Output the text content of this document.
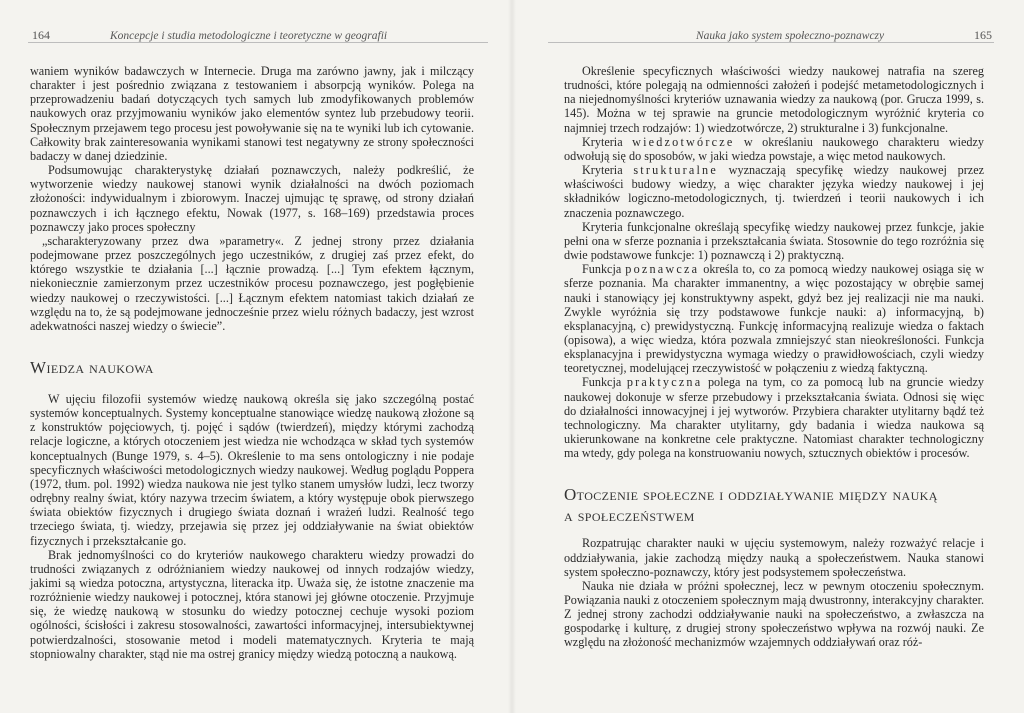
164	Koncepcje i studia metodologiczne i teoretyczne w geografii

waniem wyników badawczych w Internecie. Druga ma zarówno jawny, jak i milczący charakter i jest pośrednio związana z testowaniem i absorpcją wyników. Polega na przeprowadzeniu badań dotyczących tych samych lub zmodyfikowanych problemów naukowych oraz przyjmowaniu wyników jako elementów syntez lub przebudowy teorii. Społecznym przejawem tego procesu jest powoływanie się na te wyniki lub ich cytowanie. Całkowity brak zainteresowania wynikami stanowi test negatywny ze strony społeczności badaczy w danej dziedzinie.

Podsumowując charakterystykę działań poznawczych, należy podkreślić, że wytworzenie wiedzy naukowej stanowi wynik działalności na dwóch poziomach złożoności: indywidualnym i zbiorowym. Inaczej ujmując tę sprawę, od strony działań poznawczych i ich łącznego efektu, Nowak (1977, s. 168–169) przedstawia proces poznawczy jako proces społeczny

„scharakteryzowany przez dwa »parametry«. Z jednej strony przez działania podejmowane przez poszczególnych jego uczestników, z drugiej zaś przez efekt, do którego wszystkie te działania [...] łącznie prowadzą. [...] Tym efektem łącznym, niekoniecznie zamierzonym przez uczestników procesu poznawczego, jest pogłębienie wiedzy naukowej o rzeczywistości. [...] Łącznym efektem natomiast takich działań ze względu na to, że są podejmowane jednocześnie przez wielu różnych badaczy, jest wzrost adekwatności naszej wiedzy o świecie”.

Wiedza naukowa

W ujęciu filozofii systemów wiedzę naukową określa się jako szczególną postać systemów konceptualnych. Systemy konceptualne stanowiące wiedzę naukową złożone są z konstruktów pojęciowych, tj. pojęć i sądów (twierdzeń), między którymi zachodzą relacje logiczne, a których otoczeniem jest wiedza nie wchodząca w skład tych systemów konceptualnych (Bunge 1979, s. 4–5). Określenie to ma sens ontologiczny i nie podaje specyficznych właściwości metodologicznych wiedzy naukowej. Według poglądu Poppera (1972, tłum. pol. 1992) wiedza naukowa nie jest tylko stanem umysłów ludzi, lecz tworzy odrębny realny świat, który nazywa trzecim światem, a który występuje obok pierwszego świata obiektów fizycznych i drugiego świata doznań i wrażeń ludzi. Realność tego trzeciego świata, tj. wiedzy, przejawia się przez jej oddziaływanie na świat obiektów fizycznych i przekształcanie go.

Brak jednomyślności co do kryteriów naukowego charakteru wiedzy prowadzi do trudności związanych z odróżnianiem wiedzy naukowej od innych rodzajów wiedzy, jakimi są wiedza potoczna, artystyczna, literacka itp. Uważa się, że istotne znaczenie ma rozróżnienie wiedzy naukowej i potocznej, która stanowi jej główne otoczenie. Przyjmuje się, że wiedzę naukową w stosunku do wiedzy potocznej cechuje wysoki poziom ogólności, ścisłości i zakresu stosowalności, zawartości informacyjnej, intersubiektywnej potwierdzalności, stosowanie metod i modeli matematycznych. Kryteria te mają stopniowalny charakter, stąd nie ma ostrej granicy między wiedzą potoczną a naukową.

Nauka jako system społeczno-poznawczy	165

Określenie specyficznych właściwości wiedzy naukowej natrafia na szereg trudności, które polegają na odmienności założeń i podejść metametodologicznych i na niejednomyślności kryteriów uznawania wiedzy za naukową (por. Grucza 1999, s. 145). Można w tej sprawie na gruncie metodologicznym wyróżnić kryteria co najmniej trzech rodzajów: 1) wiedzotwórcze, 2) strukturalne i 3) funkcjonalne.

Kryteria wiedzotwórcze w określaniu naukowego charakteru wiedzy odwołują się do sposobów, w jaki wiedza powstaje, a więc metod naukowych.

Kryteria strukturalne wyznaczają specyfikę wiedzy naukowej przez właściwości budowy wiedzy, a więc charakter języka wiedzy naukowej i jej składników logiczno-metodologicznych, tj. twierdzeń i teorii naukowych i ich znaczenia poznawczego.

Kryteria funkcjonalne określają specyfikę wiedzy naukowej przez funkcje, jakie pełni ona w sferze poznania i przekształcania świata. Stosownie do tego rozróżnia się dwie podstawowe funkcje: 1) poznawczą i 2) praktyczną.

Funkcja poznawcza określa to, co za pomocą wiedzy naukowej osiąga się w sferze poznania. Ma charakter immanentny, a więc pozostający w obrębie samej nauki i stanowiący jej konstruktywny aspekt, gdyż bez jej realizacji nie ma nauki. Zwykle wyróżnia się trzy podstawowe funkcje nauki: a) informacyjną, b) eksplanacyjną, c) prewidystyczną. Funkcję informacyjną realizuje wiedza o faktach (opisowa), a więc wiedza, która pozwala zmniejszyć stan nieokreśloności. Funkcja eksplanacyjna i prewidystyczna wymaga wiedzy o prawidłowościach, czyli wiedzy teoretycznej, modelującej rzeczywistość w połączeniu z wiedzą faktyczną.

Funkcja praktyczna polega na tym, co za pomocą lub na gruncie wiedzy naukowej dokonuje w sferze przebudowy i przekształcania świata. Odnosi się więc do działalności innowacyjnej i jej wytworów. Przybiera charakter utylitarny bądź też technologiczny. Ma charakter utylitarny, gdy badania i wiedza naukowa są ukierunkowane na konkretne cele praktyczne. Natomiast charakter technologiczny ma wtedy, gdy polega na konstruowaniu nowych, sztucznych obiektów i procesów.

Otoczenie społeczne i oddziaływanie między nauką
a społeczeństwem

Rozpatrując charakter nauki w ujęciu systemowym, należy rozważyć relacje i oddziaływania, jakie zachodzą między nauką a społeczeństwem. Nauka stanowi system społeczno-poznawczy, który jest podsystemem społeczeństwa.

Nauka nie działa w próżni społecznej, lecz w pewnym otoczeniu społecznym. Powiązania nauki z otoczeniem społecznym mają dwustronny, interakcyjny charakter. Z jednej strony zachodzi oddziaływanie nauki na społeczeństwo, a zwłaszcza na gospodarkę i kulturę, z drugiej strony społeczeństwo wpływa na rozwój nauki. Ze względu na złożoność mechanizmów wzajemnych oddziaływań oraz róż-
